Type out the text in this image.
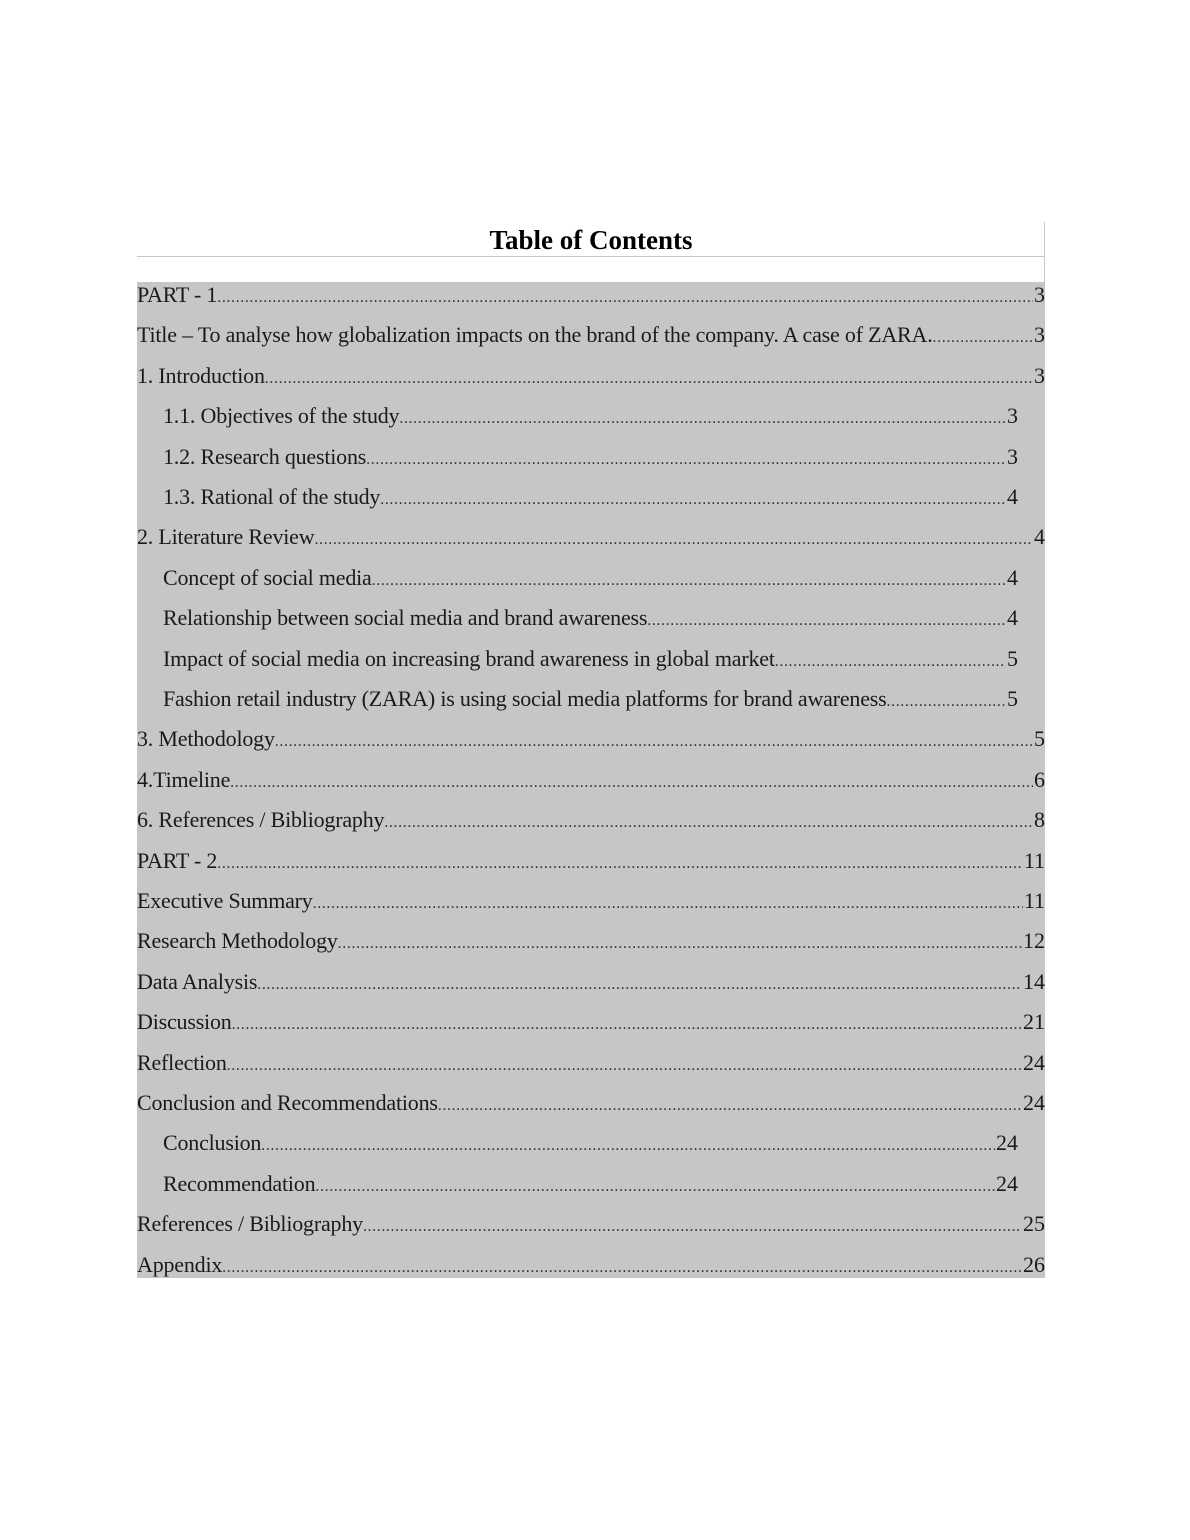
Table of Contents
PART - 1 .....	3
Title – To analyse how globalization impacts on the brand of the company. A case of ZARA. .....	3
1. Introduction .....	3
1.1. Objectives of the study .....	3
1.2. Research questions .....	3
1.3. Rational of the study .....	4
2. Literature Review .....	4
Concept of social media .....	4
Relationship between social media and brand awareness .....	4
Impact of social media on increasing brand awareness in global market .....	5
Fashion retail industry (ZARA) is using social media platforms for brand awareness .....	5
3. Methodology .....	5
4.Timeline .....	6
6. References / Bibliography .....	8
PART - 2 .....	11
Executive Summary .....	11
Research Methodology .....	12
Data Analysis .....	14
Discussion .....	21
Reflection .....	24
Conclusion and Recommendations .....	24
Conclusion .....	24
Recommendation .....	24
References / Bibliography .....	25
Appendix .....	26
